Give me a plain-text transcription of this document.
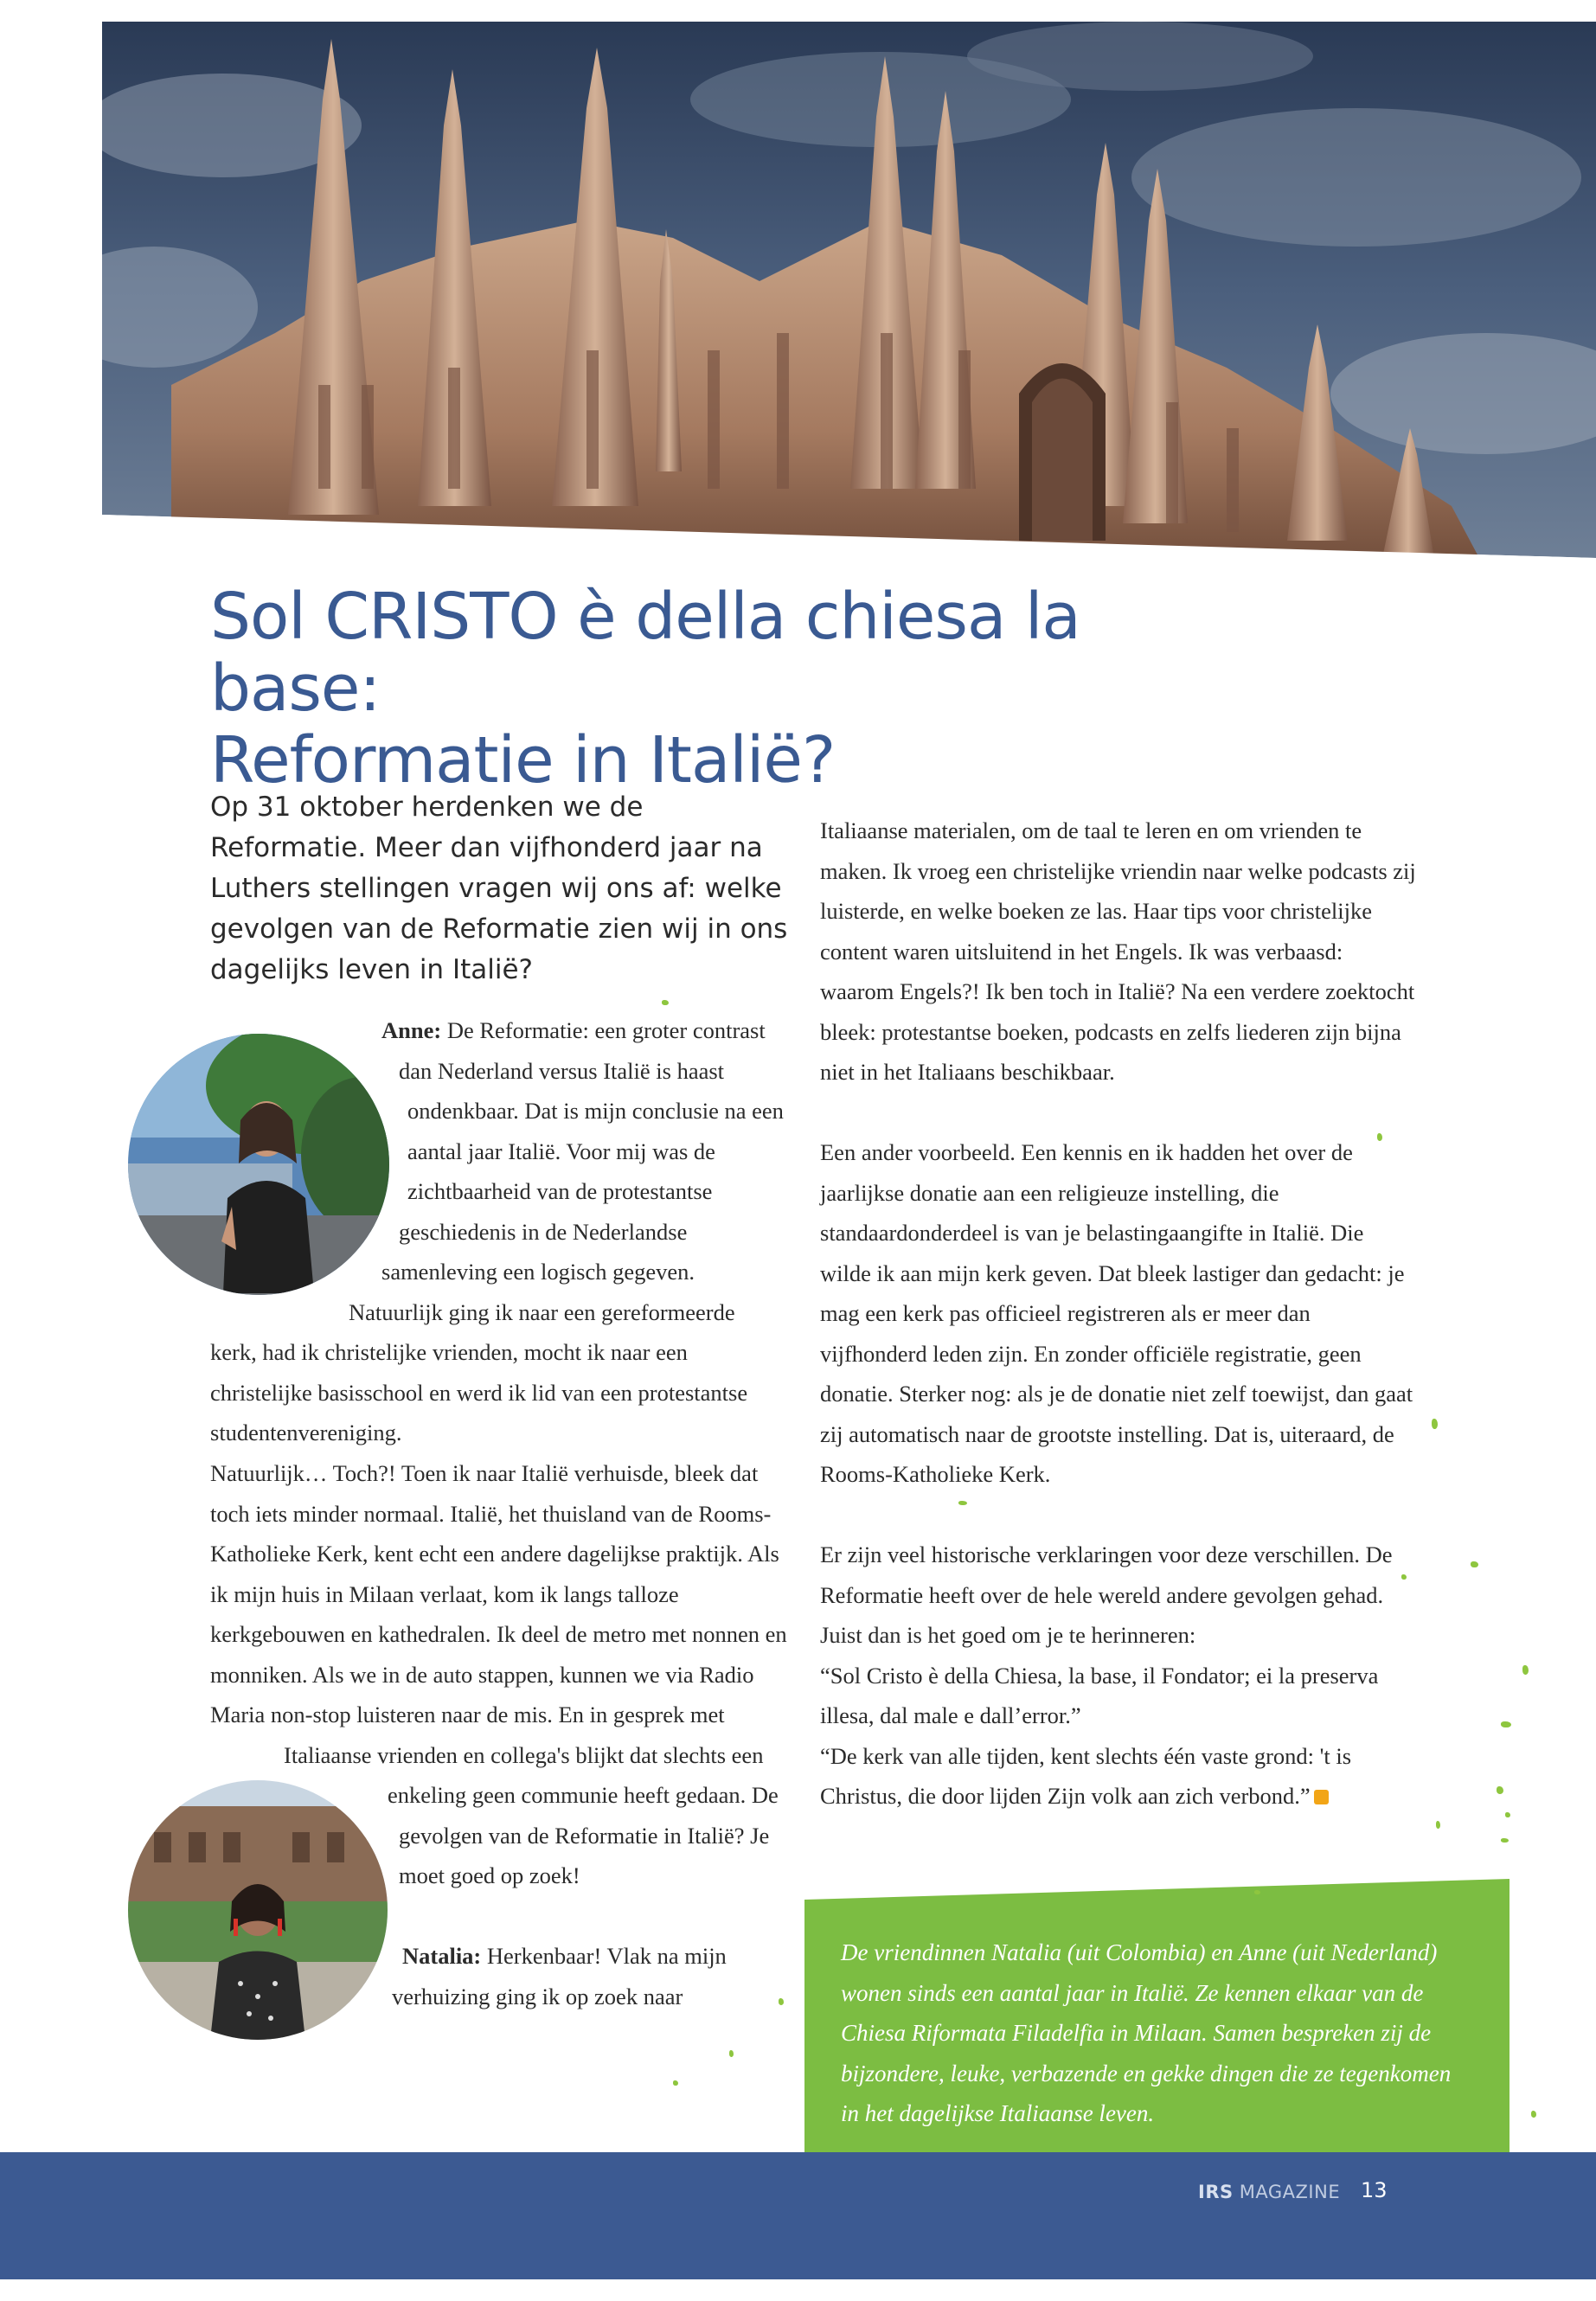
Sol CRISTO è della chiesa la base:
Reformatie in Italië?

Op 31 oktober herdenken we de Reformatie. Meer dan vijfhonderd jaar na Luthers stellingen vragen wij ons af: welke gevolgen van de Reformatie zien wij in ons dagelijks leven in Italië?

Anne: De Reformatie: een groter contrast dan Nederland versus Italië is haast ondenkbaar. Dat is mijn conclusie na een aantal jaar Italië. Voor mij was de zichtbaarheid van de protestantse geschiedenis in de Nederlandse samenleving een logisch gegeven. Natuurlijk ging ik naar een gereformeerde kerk, had ik christelijke vrienden, mocht ik naar een christelijke basisschool en werd ik lid van een protestantse studentenvereniging.

Natuurlijk… Toch?! Toen ik naar Italië verhuisde, bleek dat toch iets minder normaal. Italië, het thuisland van de Rooms-Katholieke Kerk, kent echt een andere dagelijkse praktijk. Als ik mijn huis in Milaan verlaat, kom ik langs talloze kerkgebouwen en kathedralen. Ik deel de metro met nonnen en monniken. Als we in de auto stappen, kunnen we via Radio Maria non-stop luisteren naar de mis. En in gesprek met Italiaanse vrienden en collega's blijkt dat slechts een enkeling geen communie heeft gedaan. De gevolgen van de Reformatie in Italië? Je moet goed op zoek!

Natalia: Herkenbaar! Vlak na mijn verhuizing ging ik op zoek naar

Italiaanse materialen, om de taal te leren en om vrienden te maken. Ik vroeg een christelijke vriendin naar welke podcasts zij luisterde, en welke boeken ze las. Haar tips voor christelijke content waren uitsluitend in het Engels. Ik was verbaasd: waarom Engels?! Ik ben toch in Italië? Na een verdere zoektocht bleek: protestantse boeken, podcasts en zelfs liederen zijn bijna niet in het Italiaans beschikbaar.

Een ander voorbeeld. Een kennis en ik hadden het over de jaarlijkse donatie aan een religieuze instelling, die standaardonderdeel is van je belastingaangifte in Italië. Die wilde ik aan mijn kerk geven. Dat bleek lastiger dan gedacht: je mag een kerk pas officieel registreren als er meer dan vijfhonderd leden zijn. En zonder officiële registratie, geen donatie. Sterker nog: als je de donatie niet zelf toewijst, dan gaat zij automatisch naar de grootste instelling. Dat is, uiteraard, de Rooms-Katholieke Kerk.

Er zijn veel historische verklaringen voor deze verschillen. De Reformatie heeft over de hele wereld andere gevolgen gehad. Juist dan is het goed om je te herinneren:

“Sol Cristo è della Chiesa, la base, il Fondator; ei la preserva illesa, dal male e dall’error.”

“De kerk van alle tijden, kent slechts één vaste grond: 't is Christus, die door lijden Zijn volk aan zich verbond.”

De vriendinnen Natalia (uit Colombia) en Anne (uit Nederland) wonen sinds een aantal jaar in Italië. Ze kennen elkaar van de Chiesa Riformata Filadelfia in Milaan. Samen bespreken zij de bijzondere, leuke, verbazende en gekke dingen die ze tegenkomen in het dagelijkse Italiaanse leven.

IRS MAGAZINE 13
